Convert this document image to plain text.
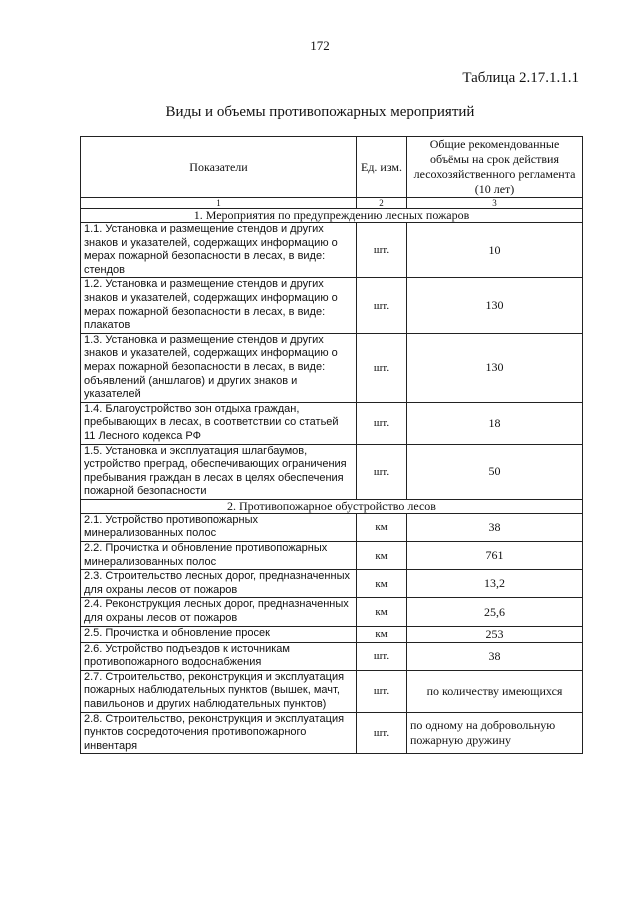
172
Таблица 2.17.1.1.1
Виды и объемы противопожарных мероприятий
Показатели	Ед. изм.	Общие рекомендованные объёмы на срок действия лесохозяйственного регламента (10 лет)
1	2	3
1. Мероприятия по предупреждению лесных пожаров		
1.1. Установка и размещение стендов и других знаков и указателей, содержащих информацию о мерах пожарной безопасности в лесах, в виде: стендов	шт.	10
1.2. Установка и размещение стендов и других знаков и указателей, содержащих информацию о мерах пожарной безопасности в лесах, в виде: плакатов	шт.	130
1.3. Установка и размещение стендов и других знаков и указателей, содержащих информацию о мерах пожарной безопасности в лесах, в виде: объявлений (аншлагов) и других знаков и указателей	шт.	130
1.4. Благоустройство зон отдыха граждан, пребывающих в лесах, в соответствии со статьей 11 Лесного кодекса РФ	шт.	18
1.5. Установка и эксплуатация шлагбаумов, устройство преград, обеспечивающих ограничения пребывания граждан в лесах в целях обеспечения пожарной безопасности	шт.	50
2. Противопожарное обустройство лесов		
2.1. Устройство противопожарных минерализованных полос	км	38
2.2. Прочистка и обновление противопожарных минерализованных полос	км	761
2.3. Строительство лесных дорог, предназначенных для охраны лесов от пожаров	км	13,2
2.4. Реконструкция лесных дорог, предназначенных для охраны лесов от пожаров	км	25,6
2.5. Прочистка и обновление просек	км	253
2.6. Устройство подъездов к источникам противопожарного водоснабжения	шт.	38
2.7. Строительство, реконструкция и эксплуатация пожарных наблюдательных пунктов (вышек, мачт, павильонов и других наблюдательных пунктов)	шт.	по количеству имеющихся
2.8. Строительство, реконструкция и эксплуатация пунктов сосредоточения противопожарного инвентаря	шт.	по одному на добровольную пожарную дружину
